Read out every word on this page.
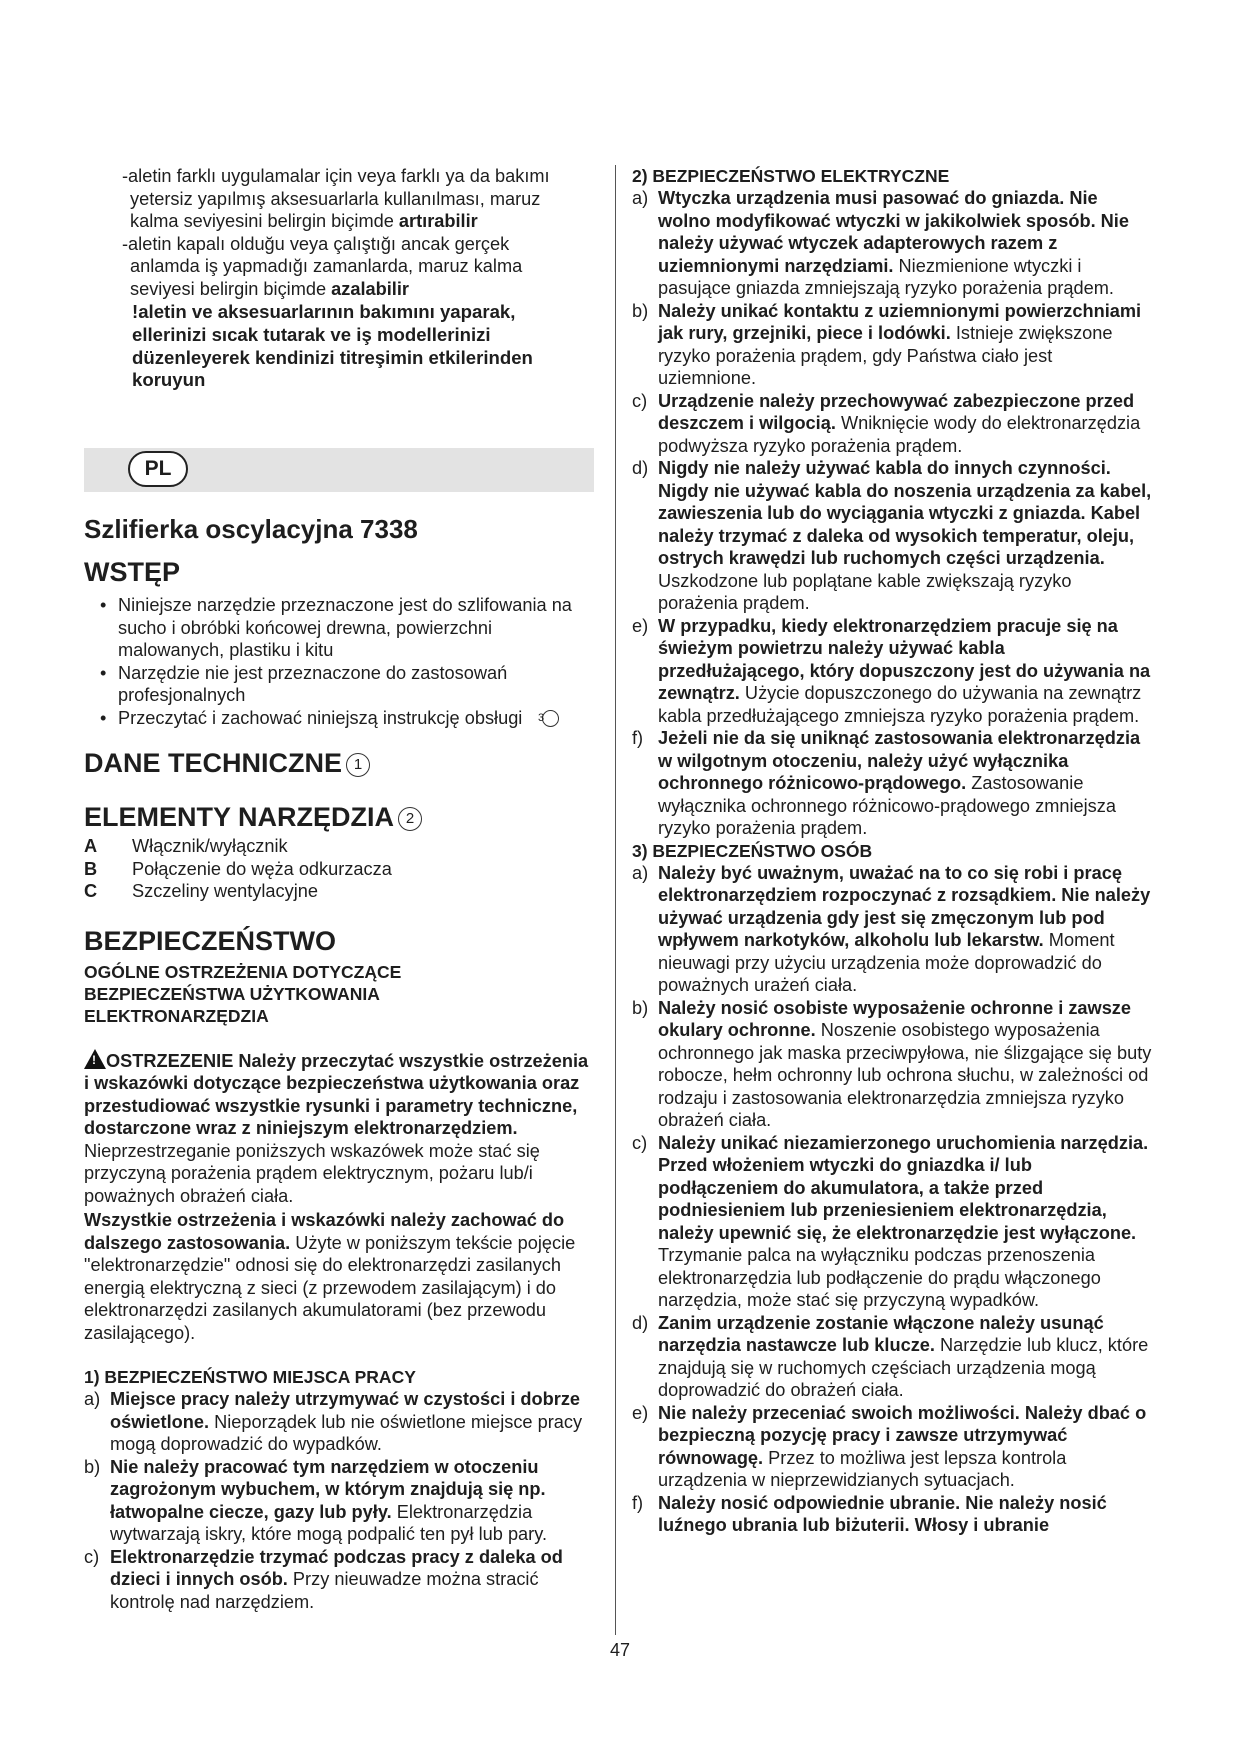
-aletin farklı uygulamalar için veya farklı ya da bakımı

yetersiz yapılmış aksesuarlarla kullanılması, maruz

kalma seviyesini belirgin biçimde artırabilir

-aletin kapalı olduğu veya çalıştığı ancak gerçek

anlamda iş yapmadığı zamanlarda, maruz kalma

seviyesi belirgin biçimde azalabilir

!aletin ve aksesuarlarının bakımını yaparak, ellerinizi sıcak tutarak ve iş modellerinizi düzenleyerek kendinizi titreşimin etkilerinden koruyun

PL
Szlifierka oscylacyjna 7338
WSTĘP

• Niniejsze narzędzie przeznaczone jest do szlifowania na sucho i obróbki końcowej drewna, powierzchni malowanych, plastiku i kitu

• Narzędzie nie jest przeznaczone do zastosowań profesjonalnych

• Przeczytać i zachować niniejszą instrukcję obsługi 3

DANE TECHNICZNE 1
ELEMENTY NARZĘDZIA 2

A	Włącznik/wyłącznik

B	Połączenie do węża odkurzacza

C	Szczeliny wentylacyjne

BEZPIECZEŃSTWO

OGÓLNE OSTRZEŻENIA DOTYCZĄCE BEZPIECZEŃSTWA UŻYTKOWANIA ELEKTRONARZĘDZIA

! OSTRZEZENIE Należy przeczytać wszystkie ostrzeżenia i wskazówki dotyczące bezpieczeństwa użytkowania oraz przestudiować wszystkie rysunki i parametry techniczne, dostarczone wraz z niniejszym elektronarzędziem. Nieprzestrzeganie poniższych wskazówek może stać się przyczyną porażenia prądem elektrycznym, pożaru lub/i poważnych obrażeń ciała.

Wszystkie ostrzeżenia i wskazówki należy zachować do dalszego zastosowania. Użyte w poniższym tekście pojęcie "elektronarzędzie" odnosi się do elektronarzędzi zasilanych energią elektryczną z sieci (z przewodem zasilającym) i do elektronarzędzi zasilanych akumulatorami (bez przewodu zasilającego).

1) BEZPIECZEŃSTWO MIEJSCA PRACY

a) Miejsce pracy należy utrzymywać w czystości i dobrze oświetlone. Nieporządek lub nie oświetlone miejsce pracy mogą doprowadzić do wypadków.

b) Nie należy pracować tym narzędziem w otoczeniu zagrożonym wybuchem, w którym znajdują się np. łatwopalne ciecze, gazy lub pyły. Elektronarzędzia wytwarzają iskry, które mogą podpalić ten pył lub pary.

c) Elektronarzędzie trzymać podczas pracy z daleka od dzieci i innych osób. Przy nieuwadze można stracić kontrolę nad narzędziem.

2) BEZPIECZEŃSTWO ELEKTRYCZNE

a) Wtyczka urządzenia musi pasować do gniazda. Nie wolno modyfikować wtyczki w jakikolwiek sposób. Nie należy używać wtyczek adapterowych razem z uziemnionymi narzędziami. Niezmienione wtyczki i pasujące gniazda zmniejszają ryzyko porażenia prądem.

b) Należy unikać kontaktu z uziemnionymi powierzchniami jak rury, grzejniki, piece i lodówki. Istnieje zwiększone ryzyko porażenia prądem, gdy Państwa ciało jest uziemnione.

c) Urządzenie należy przechowywać zabezpieczone przed deszczem i wilgocią. Wniknięcie wody do elektronarzędzia podwyższa ryzyko porażenia prądem.

d) Nigdy nie należy używać kabla do innych czynności. Nigdy nie używać kabla do noszenia urządzenia za kabel, zawieszenia lub do wyciągania wtyczki z gniazda. Kabel należy trzymać z daleka od wysokich temperatur, oleju, ostrych krawędzi lub ruchomych części urządzenia. Uszkodzone lub poplątane kable zwiększają ryzyko porażenia prądem.

e) W przypadku, kiedy elektronarzędziem pracuje się na świeżym powietrzu należy używać kabla przedłużającego, który dopuszczony jest do używania na zewnątrz. Użycie dopuszczonego do używania na zewnątrz kabla przedłużającego zmniejsza ryzyko porażenia prądem.

f) Jeżeli nie da się uniknąć zastosowania elektronarzędzia w wilgotnym otoczeniu, należy użyć wyłącznika ochronnego różnicowo-prądowego. Zastosowanie wyłącznika ochronnego różnicowo-prądowego zmniejsza ryzyko porażenia prądem.

3) BEZPIECZEŃSTWO OSÓB

a) Należy być uważnym, uważać na to co się robi i pracę elektronarzędziem rozpoczynać z rozsądkiem. Nie należy używać urządzenia gdy jest się zmęczonym lub pod wpływem narkotyków, alkoholu lub lekarstw. Moment nieuwagi przy użyciu urządzenia może doprowadzić do poważnych urażeń ciała.

b) Należy nosić osobiste wyposażenie ochronne i zawsze okulary ochronne. Noszenie osobistego wyposażenia ochronnego jak maska przeciwpyłowa, nie ślizgające się buty robocze, hełm ochronny lub ochrona słuchu, w zależności od rodzaju i zastosowania elektronarzędzia zmniejsza ryzyko obrażeń ciała.

c) Należy unikać niezamierzonego uruchomienia narzędzia. Przed włożeniem wtyczki do gniazdka i/ lub podłączeniem do akumulatora, a także przed podniesieniem lub przeniesieniem elektronarzędzia, należy upewnić się, że elektronarzędzie jest wyłączone. Trzymanie palca na wyłączniku podczas przenoszenia elektronarzędzia lub podłączenie do prądu włączonego narzędzia, może stać się przyczyną wypadków.

d) Zanim urządzenie zostanie włączone należy usunąć narzędzia nastawcze lub klucze. Narzędzie lub klucz, które znajdują się w ruchomych częściach urządzenia mogą doprowadzić do obrażeń ciała.

e) Nie należy przeceniać swoich możliwości. Należy dbać o bezpieczną pozycję pracy i zawsze utrzymywać równowagę. Przez to możliwa jest lepsza kontrola urządzenia w nieprzewidzianych sytuacjach.

f) Należy nosić odpowiednie ubranie. Nie należy nosić luźnego ubrania lub biżuterii. Włosy i ubranie

47
